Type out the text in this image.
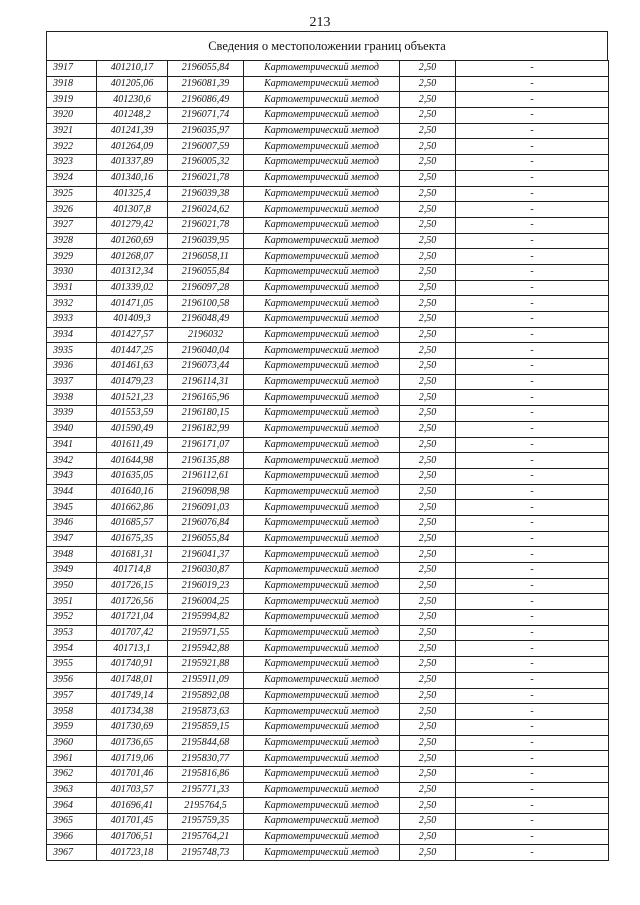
213
Сведения о местоположении границ объекта
3917	401210,17	2196055,84	Картометрический метод	2,50	-
3918	401205,06	2196081,39	Картометрический метод	2,50	-
3919	401230,6	2196086,49	Картометрический метод	2,50	-
3920	401248,2	2196071,74	Картометрический метод	2,50	-
3921	401241,39	2196035,97	Картометрический метод	2,50	-
3922	401264,09	2196007,59	Картометрический метод	2,50	-
3923	401337,89	2196005,32	Картометрический метод	2,50	-
3924	401340,16	2196021,78	Картометрический метод	2,50	-
3925	401325,4	2196039,38	Картометрический метод	2,50	-
3926	401307,8	2196024,62	Картометрический метод	2,50	-
3927	401279,42	2196021,78	Картометрический метод	2,50	-
3928	401260,69	2196039,95	Картометрический метод	2,50	-
3929	401268,07	2196058,11	Картометрический метод	2,50	-
3930	401312,34	2196055,84	Картометрический метод	2,50	-
3931	401339,02	2196097,28	Картометрический метод	2,50	-
3932	401471,05	2196100,58	Картометрический метод	2,50	-
3933	401409,3	2196048,49	Картометрический метод	2,50	-
3934	401427,57	2196032	Картометрический метод	2,50	-
3935	401447,25	2196040,04	Картометрический метод	2,50	-
3936	401461,63	2196073,44	Картометрический метод	2,50	-
3937	401479,23	2196114,31	Картометрический метод	2,50	-
3938	401521,23	2196165,96	Картометрический метод	2,50	-
3939	401553,59	2196180,15	Картометрический метод	2,50	-
3940	401590,49	2196182,99	Картометрический метод	2,50	-
3941	401611,49	2196171,07	Картометрический метод	2,50	-
3942	401644,98	2196135,88	Картометрический метод	2,50	-
3943	401635,05	2196112,61	Картометрический метод	2,50	-
3944	401640,16	2196098,98	Картометрический метод	2,50	-
3945	401662,86	2196091,03	Картометрический метод	2,50	-
3946	401685,57	2196076,84	Картометрический метод	2,50	-
3947	401675,35	2196055,84	Картометрический метод	2,50	-
3948	401681,31	2196041,37	Картометрический метод	2,50	-
3949	401714,8	2196030,87	Картометрический метод	2,50	-
3950	401726,15	2196019,23	Картометрический метод	2,50	-
3951	401726,56	2196004,25	Картометрический метод	2,50	-
3952	401721,04	2195994,82	Картометрический метод	2,50	-
3953	401707,42	2195971,55	Картометрический метод	2,50	-
3954	401713,1	2195942,88	Картометрический метод	2,50	-
3955	401740,91	2195921,88	Картометрический метод	2,50	-
3956	401748,01	2195911,09	Картометрический метод	2,50	-
3957	401749,14	2195892,08	Картометрический метод	2,50	-
3958	401734,38	2195873,63	Картометрический метод	2,50	-
3959	401730,69	2195859,15	Картометрический метод	2,50	-
3960	401736,65	2195844,68	Картометрический метод	2,50	-
3961	401719,06	2195830,77	Картометрический метод	2,50	-
3962	401701,46	2195816,86	Картометрический метод	2,50	-
3963	401703,57	2195771,33	Картометрический метод	2,50	-
3964	401696,41	2195764,5	Картометрический метод	2,50	-
3965	401701,45	2195759,35	Картометрический метод	2,50	-
3966	401706,51	2195764,21	Картометрический метод	2,50	-
3967	401723,18	2195748,73	Картометрический метод	2,50	-
